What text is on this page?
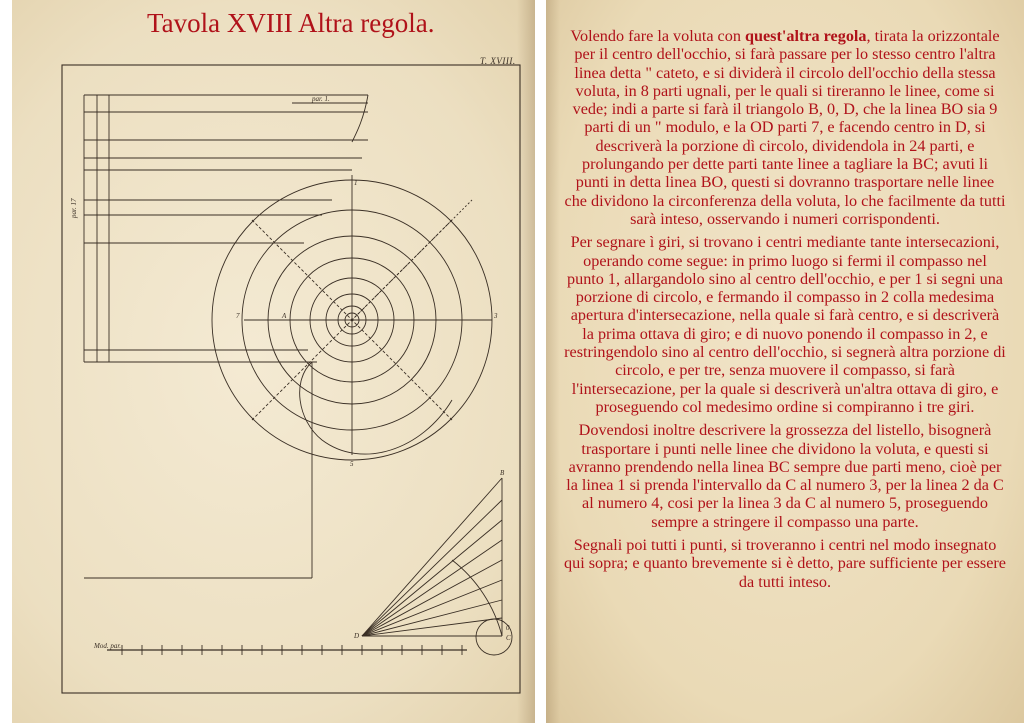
Tavola XVIII Altra regola.
T. XVIII.
par. 1.
par. 17
Mod. par.
B
D	C
0
A
7	3
5
1

Volendo fare la voluta con quest'altra regola, tirata la orizzontale per il centro dell'occhio, si farà passare per lo stesso centro l'altra linea detta " cateto, e si dividerà il circolo dell'occhio della stessa voluta, in 8 parti ugnali, per le quali si tireranno le linee, come si vede; indi a parte si farà il triangolo B, 0, D, che la linea BO sia 9 parti di un " modulo, e la OD parti 7, e facendo centro in D, si descriverà la porzione dì circolo, dividendola in 24 parti, e prolungando per dette parti tante linee a tagliare la BC; avuti li punti in detta linea BO, questi si dovranno trasportare nelle linee che dividono la circonferenza della voluta, lo che facilmente da tutti sarà inteso, osservando i numeri corrispondenti.

Per segnare ì giri, si trovano i centri mediante tante intersecazioni, operando come segue: in primo luogo si fermi il compasso nel punto 1, allargandolo sino al centro dell'occhio, e per 1 si segni una porzione di circolo, e fermando il compasso in 2 colla medesima apertura d'intersecazione, nella quale si farà centro, e si descriverà la prima ottava di giro; e di nuovo ponendo il compasso in 2, e restringendolo sino al centro dell'occhio, si segnerà altra porzione di circolo, e per tre, senza muovere il compasso, si farà l'intersecazione, per la quale si descriverà un'altra ottava di giro, e proseguendo col medesimo ordine si compiranno i tre giri.

Dovendosi inoltre descrivere la grossezza del listello, bisognerà trasportare i punti nelle linee che dividono la voluta, e questi si avranno prendendo nella linea BC sempre due parti meno, cioè per la linea 1 si prenda l'intervallo da C al numero 3, per la linea 2 da C al numero 4, cosi per la linea 3 da C al numero 5, proseguendo sempre a stringere il compasso una parte.

Segnali poi tutti i punti, si troveranno i centri nel modo insegnato qui sopra; e quanto brevemente si è detto, pare sufficiente per essere da tutti inteso.
